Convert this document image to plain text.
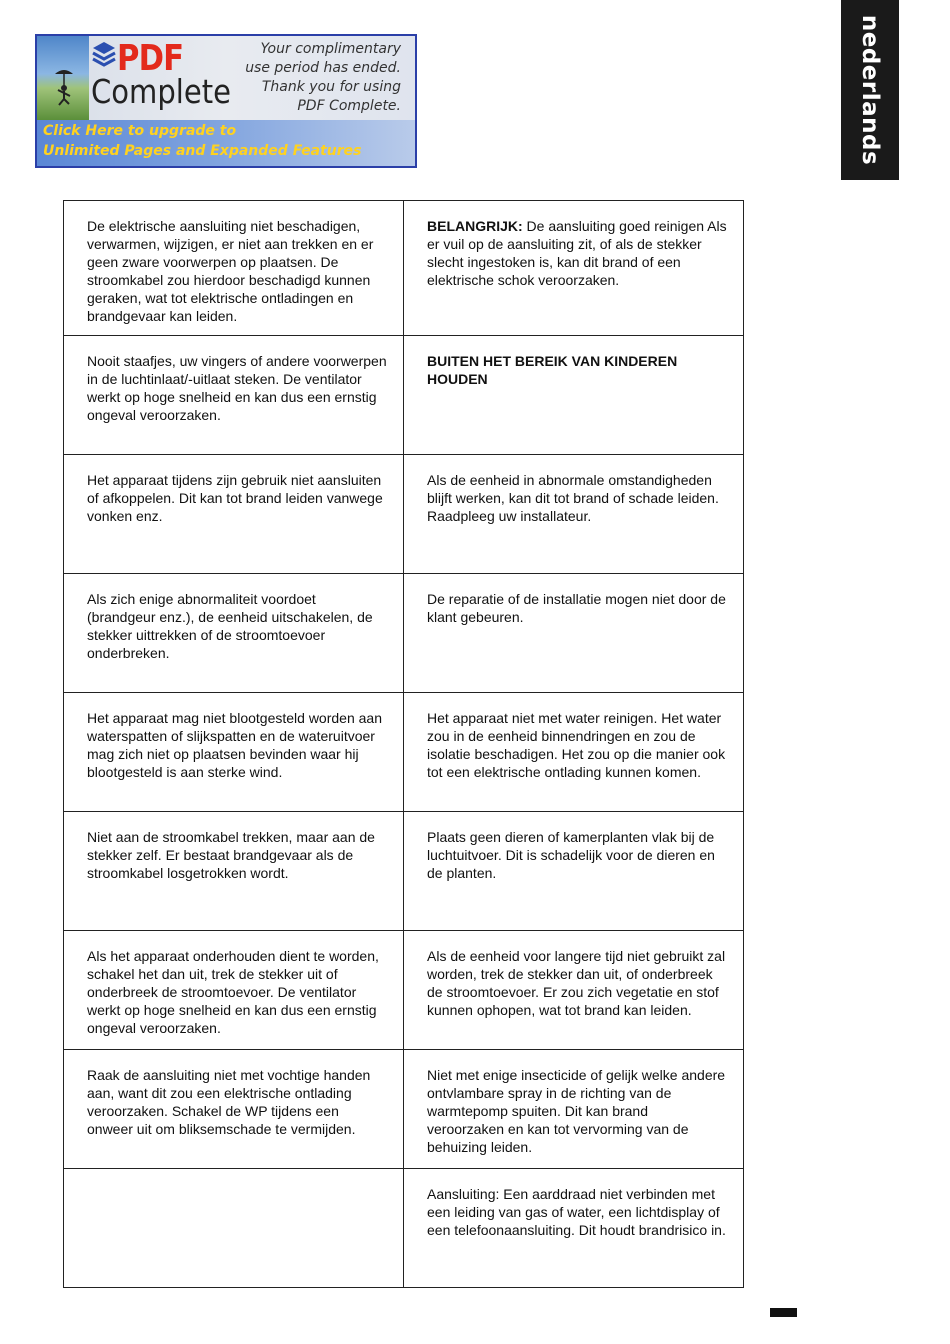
PDF
Complete
Your complimentary
use period has ended.
Thank you for using
PDF Complete.
Click Here to upgrade to
Unlimited Pages and Expanded Features	nederlands
De elektrische aansluiting niet beschadigen, verwarmen, wijzigen, er niet aan trekken en er geen zware voorwerpen op plaatsen. De stroomkabel zou hierdoor beschadigd kunnen geraken, wat tot elektrische ontladingen en brandgevaar kan leiden.	BELANGRIJK: De aansluiting goed reinigen Als er vuil op de aansluiting zit, of als de stekker slecht ingestoken is, kan dit brand of een elektrische schok veroorzaken.
Nooit staafjes, uw vingers of andere voorwerpen in de luchtinlaat/-uitlaat steken. De ventilator werkt op hoge snelheid en kan dus een ernstig ongeval veroorzaken.	BUITEN HET BEREIK VAN KINDEREN HOUDEN
Het apparaat tijdens zijn gebruik niet aansluiten of afkoppelen. Dit kan tot brand leiden vanwege vonken enz.	Als de eenheid in abnormale omstandigheden blijft werken, kan dit tot brand of schade leiden. Raadpleeg uw installateur.
Als zich enige abnormaliteit voordoet (brandgeur enz.), de eenheid uitschakelen, de stekker uittrekken of de stroomtoevoer onderbreken.	De reparatie of de installatie mogen niet door de klant gebeuren.
Het apparaat mag niet blootgesteld worden aan waterspatten of slijkspatten en de wateruitvoer mag zich niet op plaatsen bevinden waar hij blootgesteld is aan sterke wind.	Het apparaat niet met water reinigen. Het water zou in de eenheid binnendringen en zou de isolatie beschadigen. Het zou op die manier ook tot een elektrische ontlading kunnen komen.
Niet aan de stroomkabel trekken, maar aan de stekker zelf. Er bestaat brandgevaar als de stroomkabel losgetrokken wordt.	Plaats geen dieren of kamerplanten vlak bij de luchtuitvoer. Dit is schadelijk voor de dieren en de planten.
Als het apparaat onderhouden dient te worden, schakel het dan uit, trek de stekker uit of onderbreek de stroomtoevoer. De ventilator werkt op hoge snelheid en kan dus een ernstig ongeval veroorzaken.	Als de eenheid voor langere tijd niet gebruikt zal worden, trek de stekker dan uit, of onderbreek de stroomtoevoer. Er zou zich vegetatie en stof kunnen ophopen, wat tot brand kan leiden.
Raak de aansluiting niet met vochtige handen aan, want dit zou een elektrische ontlading veroorzaken. Schakel de WP tijdens een onweer uit om bliksemschade te vermijden.	Niet met enige insecticide of gelijk welke andere ontvlambare spray in de richting van de warmtepomp spuiten. Dit kan brand veroorzaken en kan tot vervorming van de behuizing leiden.
	Aansluiting: Een aarddraad niet verbinden met een leiding van gas of water, een lichtdisplay of een telefoonaansluiting. Dit houdt brandrisico in.
